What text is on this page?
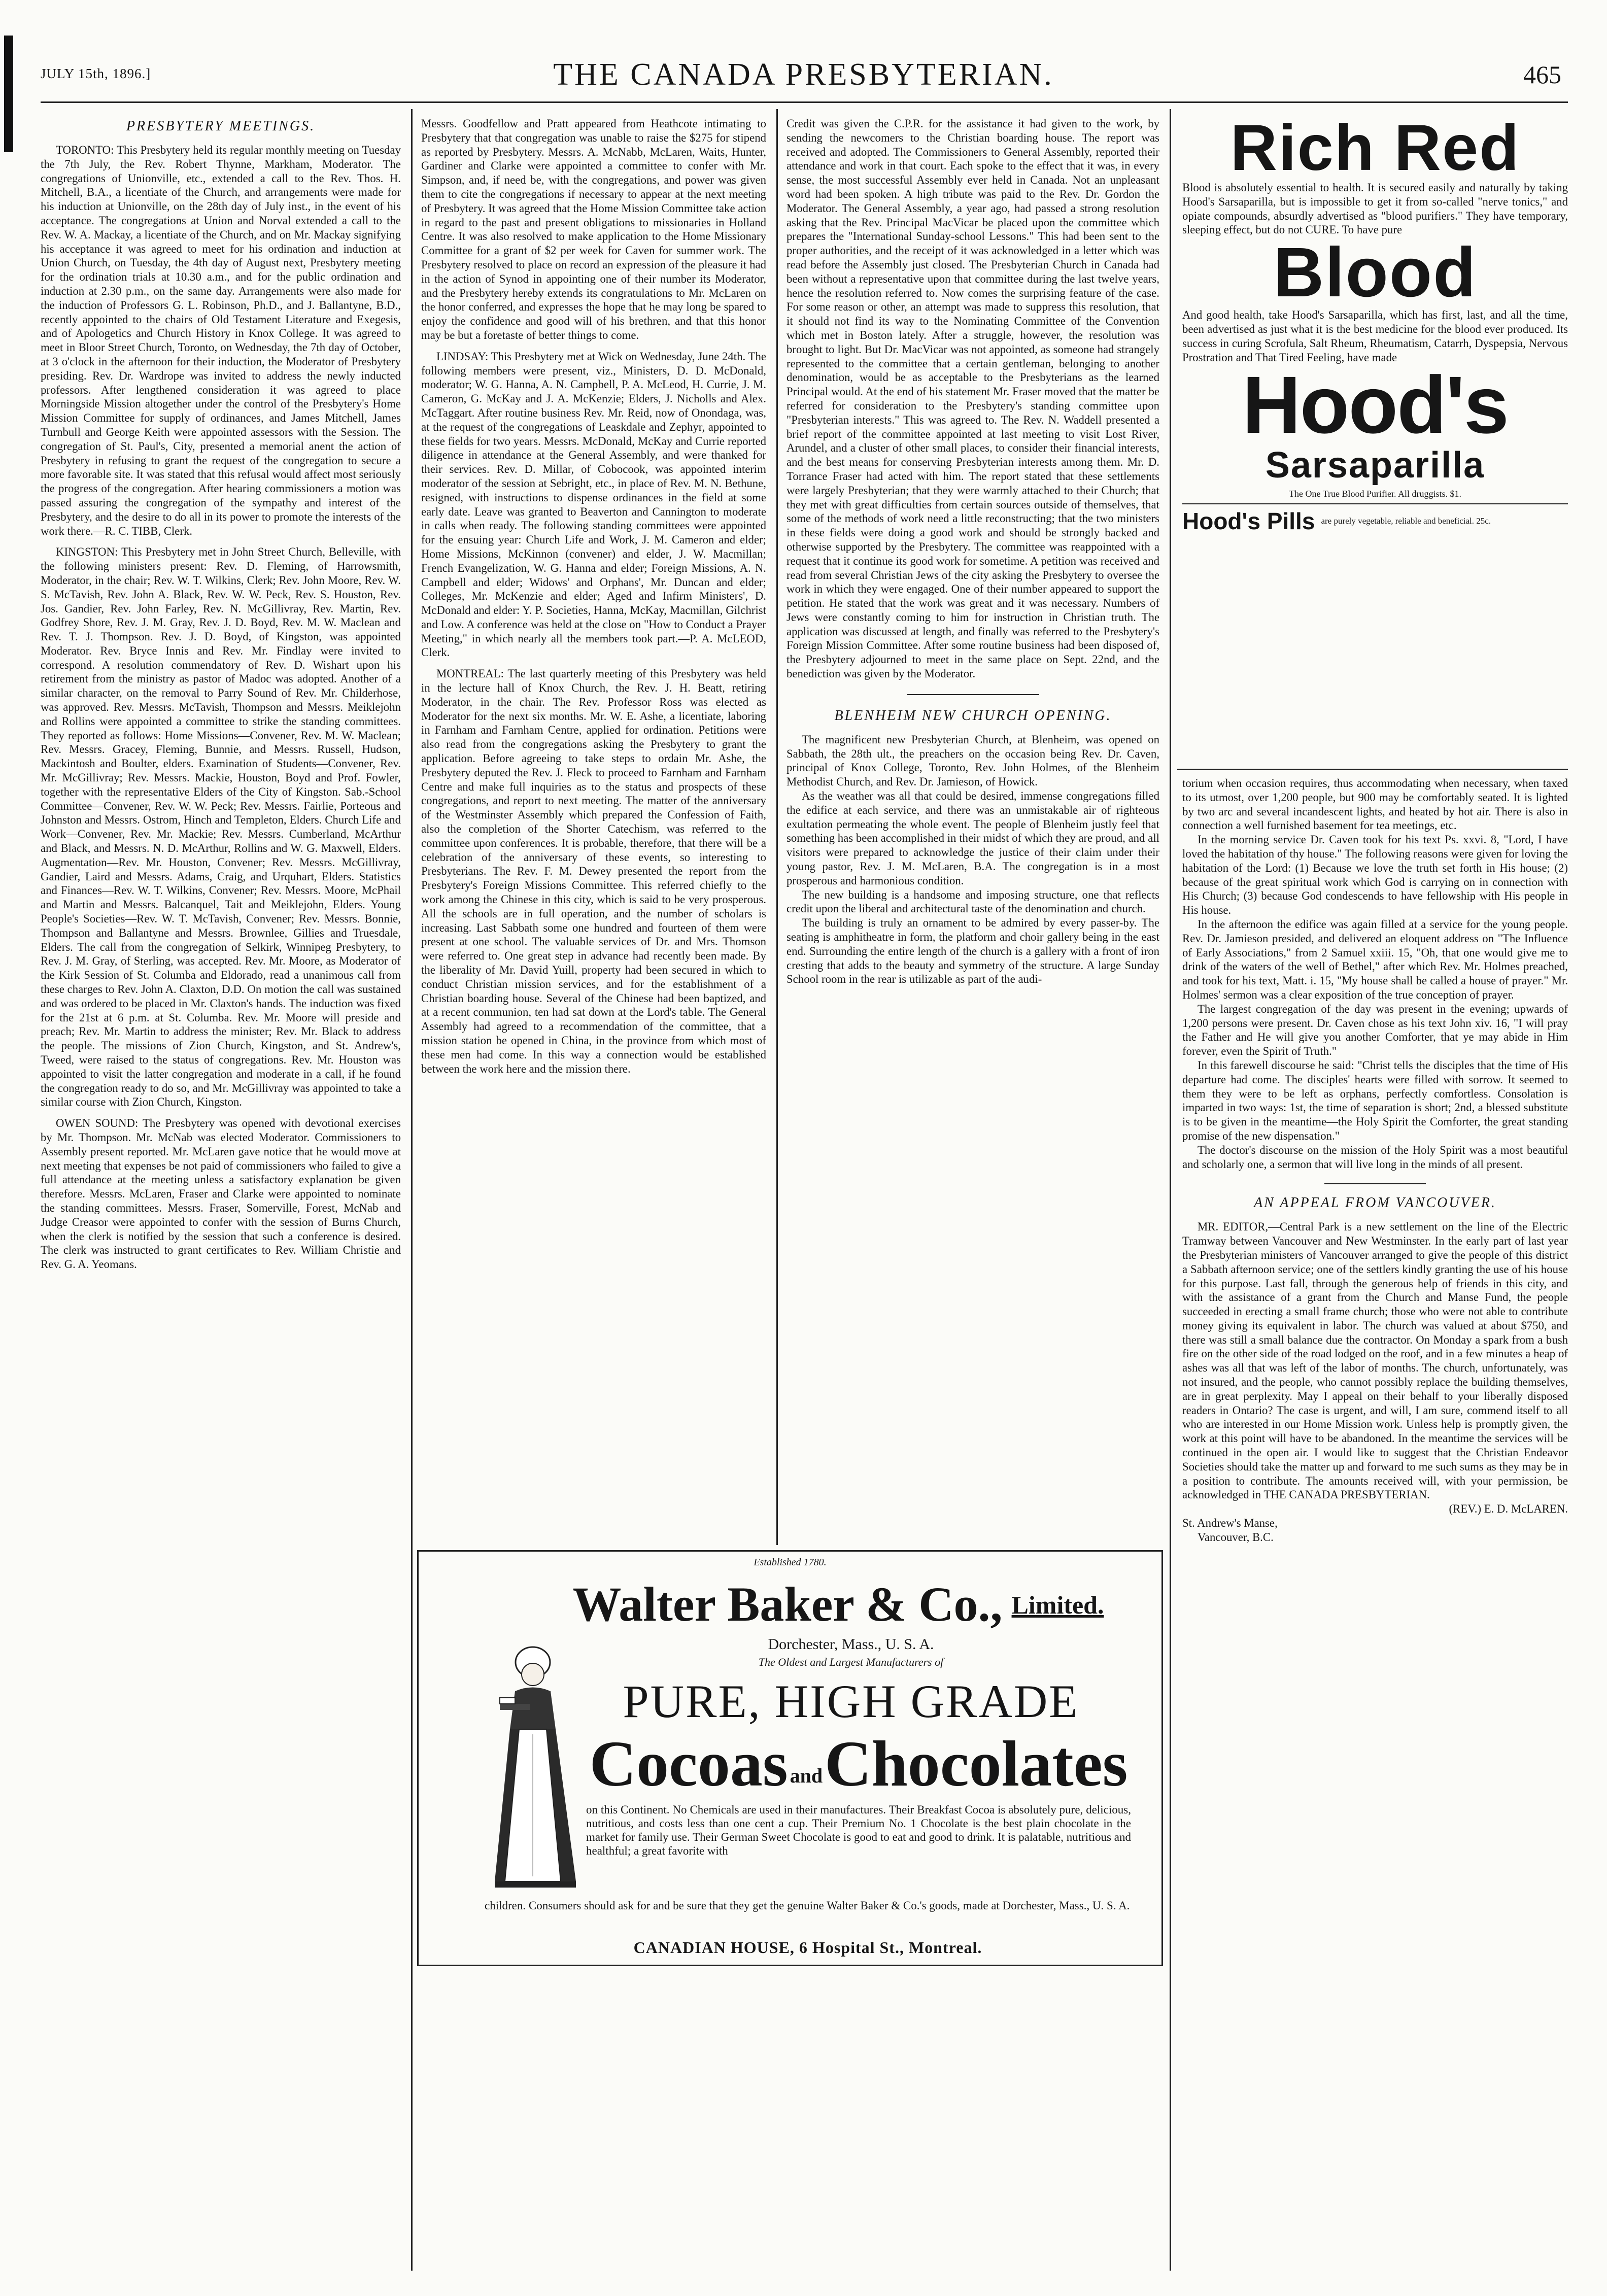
JULY 15th, 1896.]	THE CANADA PRESBYTERIAN.	465
PRESBYTERY MEETINGS.

TORONTO: This Presbytery held its regular monthly meeting on Tuesday the 7th July, the Rev. Robert Thynne, Markham, Moderator. The congregations of Unionville, etc., extended a call to the Rev. Thos. H. Mitchell, B.A., a licentiate of the Church, and arrangements were made for his induction at Unionville, on the 28th day of July inst., in the event of his acceptance. The congregations at Union and Norval extended a call to the Rev. W. A. Mackay, a licentiate of the Church, and on Mr. Mackay signifying his acceptance it was agreed to meet for his ordination and induction at Union Church, on Tuesday, the 4th day of August next, Presbytery meeting for the ordination trials at 10.30 a.m., and for the public ordination and induction at 2.30 p.m., on the same day. Arrangements were also made for the induction of Professors G. L. Robinson, Ph.D., and J. Ballantyne, B.D., recently appointed to the chairs of Old Testament Literature and Exegesis, and of Apologetics and Church History in Knox College. It was agreed to meet in Bloor Street Church, Toronto, on Wednesday, the 7th day of October, at 3 o'clock in the afternoon for their induction, the Moderator of Presbytery presiding. Rev. Dr. Wardrope was invited to address the newly inducted professors. After lengthened consideration it was agreed to place Morningside Mission altogether under the control of the Presbytery's Home Mission Committee for supply of ordinances, and James Mitchell, James Turnbull and George Keith were appointed assessors with the Session. The congregation of St. Paul's, City, presented a memorial anent the action of Presbytery in refusing to grant the request of the congregation to secure a more favorable site. It was stated that this refusal would affect most seriously the progress of the congregation. After hearing commissioners a motion was passed assuring the congregation of the sympathy and interest of the Presbytery, and the desire to do all in its power to promote the interests of the work there.—R. C. TIBB, Clerk.

KINGSTON: This Presbytery met in John Street Church, Belleville, with the following ministers present: Rev. D. Fleming, of Harrowsmith, Moderator, in the chair; Rev. W. T. Wilkins, Clerk; Rev. John Moore, Rev. W. S. McTavish, Rev. John A. Black, Rev. W. W. Peck, Rev. S. Houston, Rev. Jos. Gandier, Rev. John Farley, Rev. N. McGillivray, Rev. Martin, Rev. Godfrey Shore, Rev. J. M. Gray, Rev. J. D. Boyd, Rev. M. W. Maclean and Rev. T. J. Thompson. Rev. J. D. Boyd, of Kingston, was appointed Moderator. Rev. Bryce Innis and Rev. Mr. Findlay were invited to correspond. A resolution commendatory of Rev. D. Wishart upon his retirement from the ministry as pastor of Madoc was adopted. Another of a similar character, on the removal to Parry Sound of Rev. Mr. Childerhose, was approved. Rev. Messrs. McTavish, Thompson and Messrs. Meiklejohn and Rollins were appointed a committee to strike the standing committees. They reported as follows: Home Missions—Convener, Rev. M. W. Maclean; Rev. Messrs. Gracey, Fleming, Bunnie, and Messrs. Russell, Hudson, Mackintosh and Boulter, elders. Examination of Students—Convener, Rev. Mr. McGillivray; Rev. Messrs. Mackie, Houston, Boyd and Prof. Fowler, together with the representative Elders of the City of Kingston. Sab.-School Committee—Convener, Rev. W. W. Peck; Rev. Messrs. Fairlie, Porteous and Johnston and Messrs. Ostrom, Hinch and Templeton, Elders. Church Life and Work—Convener, Rev. Mr. Mackie; Rev. Messrs. Cumberland, McArthur and Black, and Messrs. N. D. McArthur, Rollins and W. G. Maxwell, Elders. Augmentation—Rev. Mr. Houston, Convener; Rev. Messrs. McGillivray, Gandier, Laird and Messrs. Adams, Craig, and Urquhart, Elders. Statistics and Finances—Rev. W. T. Wilkins, Convener; Rev. Messrs. Moore, McPhail and Martin and Messrs. Balcanquel, Tait and Meiklejohn, Elders. Young People's Societies—Rev. W. T. McTavish, Convener; Rev. Messrs. Bonnie, Thompson and Ballantyne and Messrs. Brownlee, Gillies and Truesdale, Elders. The call from the congregation of Selkirk, Winnipeg Presbytery, to Rev. J. M. Gray, of Sterling, was accepted. Rev. Mr. Moore, as Moderator of the Kirk Session of St. Columba and Eldorado, read a unanimous call from these charges to Rev. John A. Claxton, D.D. On motion the call was sustained and was ordered to be placed in Mr. Claxton's hands. The induction was fixed for the 21st at 6 p.m. at St. Columba. Rev. Mr. Moore will preside and preach; Rev. Mr. Martin to address the minister; Rev. Mr. Black to address the people. The missions of Zion Church, Kingston, and St. Andrew's, Tweed, were raised to the status of congregations. Rev. Mr. Houston was appointed to visit the latter congregation and moderate in a call, if he found the congregation ready to do so, and Mr. McGillivray was appointed to take a similar course with Zion Church, Kingston.

OWEN SOUND: The Presbytery was opened with devotional exercises by Mr. Thompson. Mr. McNab was elected Moderator. Commissioners to Assembly present reported. Mr. McLaren gave notice that he would move at next meeting that expenses be not paid of commissioners who failed to give a full attendance at the meeting unless a satisfactory explanation be given therefore. Messrs. McLaren, Fraser and Clarke were appointed to nominate the standing committees. Messrs. Fraser, Somerville, Forest, McNab and Judge Creasor were appointed to confer with the session of Burns Church, when the clerk is notified by the session that such a conference is desired. The clerk was instructed to grant certificates to Rev. William Christie and Rev. G. A. Yeomans.

Messrs. Goodfellow and Pratt appeared from Heathcote intimating to Presbytery that that congregation was unable to raise the $275 for stipend as reported by Presbytery. Messrs. A. McNabb, McLaren, Waits, Hunter, Gardiner and Clarke were appointed a committee to confer with Mr. Simpson, and, if need be, with the congregations, and power was given them to cite the congregations if necessary to appear at the next meeting of Presbytery. It was agreed that the Home Mission Committee take action in regard to the past and present obligations to missionaries in Holland Centre. It was also resolved to make application to the Home Missionary Committee for a grant of $2 per week for Caven for summer work. The Presbytery resolved to place on record an expression of the pleasure it had in the action of Synod in appointing one of their number its Moderator, and the Presbytery hereby extends its congratulations to Mr. McLaren on the honor conferred, and expresses the hope that he may long be spared to enjoy the confidence and good will of his brethren, and that this honor may be but a foretaste of better things to come.

LINDSAY: This Presbytery met at Wick on Wednesday, June 24th. The following members were present, viz., Ministers, D. D. McDonald, moderator; W. G. Hanna, A. N. Campbell, P. A. McLeod, H. Currie, J. M. Cameron, G. McKay and J. A. McKenzie; Elders, J. Nicholls and Alex. McTaggart. After routine business Rev. Mr. Reid, now of Onondaga, was, at the request of the congregations of Leaskdale and Zephyr, appointed to these fields for two years. Messrs. McDonald, McKay and Currie reported diligence in attendance at the General Assembly, and were thanked for their services. Rev. D. Millar, of Cobocook, was appointed interim moderator of the session at Sebright, etc., in place of Rev. M. N. Bethune, resigned, with instructions to dispense ordinances in the field at some early date. Leave was granted to Beaverton and Cannington to moderate in calls when ready. The following standing committees were appointed for the ensuing year: Church Life and Work, J. M. Cameron and elder; Home Missions, McKinnon (convener) and elder, J. W. Macmillan; French Evangelization, W. G. Hanna and elder; Foreign Missions, A. N. Campbell and elder; Widows' and Orphans', Mr. Duncan and elder; Colleges, Mr. McKenzie and elder; Aged and Infirm Ministers', D. McDonald and elder: Y. P. Societies, Hanna, McKay, Macmillan, Gilchrist and Low. A conference was held at the close on "How to Conduct a Prayer Meeting," in which nearly all the members took part.—P. A. McLEOD, Clerk.

MONTREAL: The last quarterly meeting of this Presbytery was held in the lecture hall of Knox Church, the Rev. J. H. Beatt, retiring Moderator, in the chair. The Rev. Professor Ross was elected as Moderator for the next six months. Mr. W. E. Ashe, a licentiate, laboring in Farnham and Farnham Centre, applied for ordination. Petitions were also read from the congregations asking the Presbytery to grant the application. Before agreeing to take steps to ordain Mr. Ashe, the Presbytery deputed the Rev. J. Fleck to proceed to Farnham and Farnham Centre and make full inquiries as to the status and prospects of these congregations, and report to next meeting. The matter of the anniversary of the Westminster Assembly which prepared the Confession of Faith, also the completion of the Shorter Catechism, was referred to the committee upon conferences. It is probable, therefore, that there will be a celebration of the anniversary of these events, so interesting to Presbyterians. The Rev. F. M. Dewey presented the report from the Presbytery's Foreign Missions Committee. This referred chiefly to the work among the Chinese in this city, which is said to be very prosperous. All the schools are in full operation, and the number of scholars is increasing. Last Sabbath some one hundred and fourteen of them were present at one school. The valuable services of Dr. and Mrs. Thomson were referred to. One great step in advance had recently been made. By the liberality of Mr. David Yuill, property had been secured in which to conduct Christian mission services, and for the establishment of a Christian boarding house. Several of the Chinese had been baptized, and at a recent communion, ten had sat down at the Lord's table. The General Assembly had agreed to a recommendation of the committee, that a mission station be opened in China, in the province from which most of these men had come. In this way a connection would be established between the work here and the mission there.

Credit was given the C.P.R. for the assistance it had given to the work, by sending the newcomers to the Christian boarding house. The report was received and adopted. The Commissioners to General Assembly, reported their attendance and work in that court. Each spoke to the effect that it was, in every sense, the most successful Assembly ever held in Canada. Not an unpleasant word had been spoken. A high tribute was paid to the Rev. Dr. Gordon the Moderator. The General Assembly, a year ago, had passed a strong resolution asking that the Rev. Principal MacVicar be placed upon the committee which prepares the "International Sunday-school Lessons." This had been sent to the proper authorities, and the receipt of it was acknowledged in a letter which was read before the Assembly just closed. The Presbyterian Church in Canada had been without a representative upon that committee during the last twelve years, hence the resolution referred to. Now comes the surprising feature of the case. For some reason or other, an attempt was made to suppress this resolution, that it should not find its way to the Nominating Committee of the Convention which met in Boston lately. After a struggle, however, the resolution was brought to light. But Dr. MacVicar was not appointed, as someone had strangely represented to the committee that a certain gentleman, belonging to another denomination, would be as acceptable to the Presbyterians as the learned Principal would. At the end of his statement Mr. Fraser moved that the matter be referred for consideration to the Presbytery's standing committee upon "Presbyterian interests." This was agreed to. The Rev. N. Waddell presented a brief report of the committee appointed at last meeting to visit Lost River, Arundel, and a cluster of other small places, to consider their financial interests, and the best means for conserving Presbyterian interests among them. Mr. D. Torrance Fraser had acted with him. The report stated that these settlements were largely Presbyterian; that they were warmly attached to their Church; that they met with great difficulties from certain sources outside of themselves, that some of the methods of work need a little reconstructing; that the two ministers in these fields were doing a good work and should be strongly backed and otherwise supported by the Presbytery. The committee was reappointed with a request that it continue its good work for sometime. A petition was received and read from several Christian Jews of the city asking the Presbytery to oversee the work in which they were engaged. One of their number appeared to support the petition. He stated that the work was great and it was necessary. Numbers of Jews were constantly coming to him for instruction in Christian truth. The application was discussed at length, and finally was referred to the Presbytery's Foreign Mission Committee. After some routine business had been disposed of, the Presbytery adjourned to meet in the same place on Sept. 22nd, and the benediction was given by the Moderator.

BLENHEIM NEW CHURCH OPENING.

The magnificent new Presbyterian Church, at Blenheim, was opened on Sabbath, the 28th ult., the preachers on the occasion being Rev. Dr. Caven, principal of Knox College, Toronto, Rev. John Holmes, of the Blenheim Methodist Church, and Rev. Dr. Jamieson, of Howick.

As the weather was all that could be desired, immense congregations filled the edifice at each service, and there was an unmistakable air of righteous exultation permeating the whole event. The people of Blenheim justly feel that something has been accomplished in their midst of which they are proud, and all visitors were prepared to acknowledge the justice of their claim under their young pastor, Rev. J. M. McLaren, B.A. The congregation is in a most prosperous and harmonious condition.

The new building is a handsome and imposing structure, one that reflects credit upon the liberal and architectural taste of the denomination and church.

The building is truly an ornament to be admired by every passer-by. The seating is amphitheatre in form, the platform and choir gallery being in the east end. Surrounding the entire length of the church is a gallery with a front of iron cresting that adds to the beauty and symmetry of the structure. A large Sunday School room in the rear is utilizable as part of the audi-

Established 1780.
Walter Baker & Co., Limited.
Dorchester, Mass., U. S. A.
The Oldest and Largest Manufacturers of
PURE, HIGH GRADE
Cocoas andChocolates
on this Continent. No Chemicals are used in their manufactures. Their Breakfast Cocoa is absolutely pure, delicious, nutritious, and costs less than one cent a cup. Their Premium No. 1 Chocolate is the best plain chocolate in the market for family use. Their German Sweet Chocolate is good to eat and good to drink. It is palatable, nutritious and healthful; a great favorite with
children. Consumers should ask for and be sure that they get the genuine Walter Baker & Co.'s goods, made at Dorchester, Mass., U. S. A.
CANADIAN HOUSE, 6 Hospital St., Montreal.
Rich Red
Blood is absolutely essential to health. It is secured easily and naturally by taking Hood's Sarsaparilla, but is impossible to get it from so-called "nerve tonics," and opiate compounds, absurdly advertised as "blood purifiers." They have temporary, sleeping effect, but do not CURE. To have pure
Blood
And good health, take Hood's Sarsaparilla, which has first, last, and all the time, been advertised as just what it is the best medicine for the blood ever produced. Its success in curing Scrofula, Salt Rheum, Rheumatism, Catarrh, Dyspepsia, Nervous Prostration and That Tired Feeling, have made
Hood's
Sarsaparilla
The One True Blood Purifier. All druggists. $1.
Hood's Pills are purely vegetable, reliable and beneficial. 25c.

torium when occasion requires, thus accommodating when necessary, when taxed to its utmost, over 1,200 people, but 900 may be comfortably seated. It is lighted by two arc and several incandescent lights, and heated by hot air. There is also in connection a well furnished basement for tea meetings, etc.

In the morning service Dr. Caven took for his text Ps. xxvi. 8, "Lord, I have loved the habitation of thy house." The following reasons were given for loving the habitation of the Lord: (1) Because we love the truth set forth in His house; (2) because of the great spiritual work which God is carrying on in connection with His Church; (3) because God condescends to have fellowship with His people in His house.

In the afternoon the edifice was again filled at a service for the young people. Rev. Dr. Jamieson presided, and delivered an eloquent address on "The Influence of Early Associations," from 2 Samuel xxiii. 15, "Oh, that one would give me to drink of the waters of the well of Bethel," after which Rev. Mr. Holmes preached, and took for his text, Matt. i. 15, "My house shall be called a house of prayer." Mr. Holmes' sermon was a clear exposition of the true conception of prayer.

The largest congregation of the day was present in the evening; upwards of 1,200 persons were present. Dr. Caven chose as his text John xiv. 16, "I will pray the Father and He will give you another Comforter, that ye may abide in Him forever, even the Spirit of Truth."

In this farewell discourse he said: "Christ tells the disciples that the time of His departure had come. The disciples' hearts were filled with sorrow. It seemed to them they were to be left as orphans, perfectly comfortless. Consolation is imparted in two ways: 1st, the time of separation is short; 2nd, a blessed substitute is to be given in the meantime—the Holy Spirit the Comforter, the great standing promise of the new dispensation."

The doctor's discourse on the mission of the Holy Spirit was a most beautiful and scholarly one, a sermon that will live long in the minds of all present.

AN APPEAL FROM VANCOUVER.

MR. EDITOR,—Central Park is a new settlement on the line of the Electric Tramway between Vancouver and New Westminster. In the early part of last year the Presbyterian ministers of Vancouver arranged to give the people of this district a Sabbath afternoon service; one of the settlers kindly granting the use of his house for this purpose. Last fall, through the generous help of friends in this city, and with the assistance of a grant from the Church and Manse Fund, the people succeeded in erecting a small frame church; those who were not able to contribute money giving its equivalent in labor. The church was valued at about $750, and there was still a small balance due the contractor. On Monday a spark from a bush fire on the other side of the road lodged on the roof, and in a few minutes a heap of ashes was all that was left of the labor of months. The church, unfortunately, was not insured, and the people, who cannot possibly replace the building themselves, are in great perplexity. May I appeal on their behalf to your liberally disposed readers in Ontario? The case is urgent, and will, I am sure, commend itself to all who are interested in our Home Mission work. Unless help is promptly given, the work at this point will have to be abandoned. In the meantime the services will be continued in the open air. I would like to suggest that the Christian Endeavor Societies should take the matter up and forward to me such sums as they may be in a position to contribute. The amounts received will, with your permission, be acknowledged in THE CANADA PRESBYTERIAN.

(REV.) E. D. McLAREN.

St. Andrew's Manse,

Vancouver, B.C.
